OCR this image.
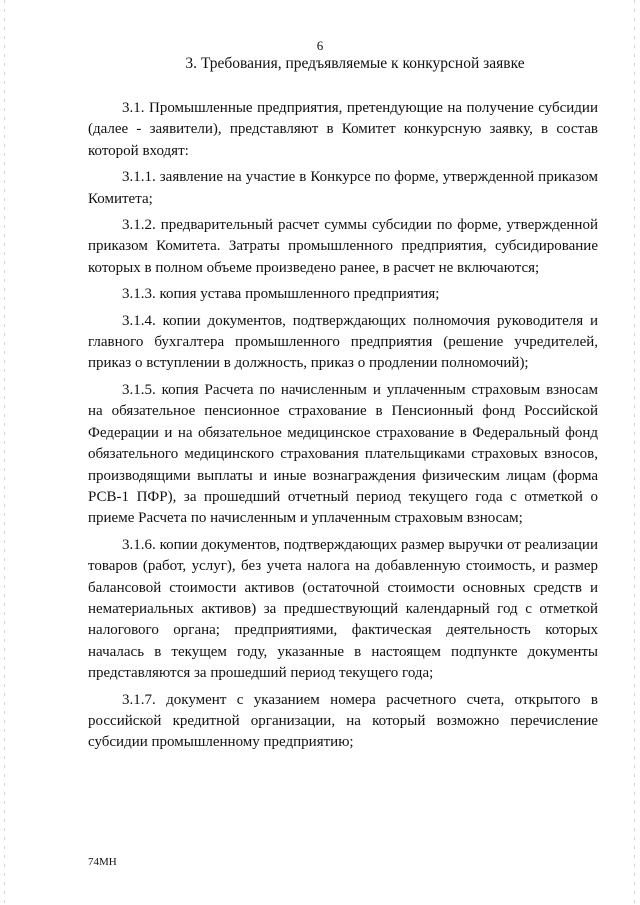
6
3. Требования, предъявляемые к конкурсной заявке

3.1. Промышленные предприятия, претендующие на получение субсидии (далее - заявители), представляют в Комитет конкурсную заявку, в состав которой входят:

3.1.1. заявление на участие в Конкурсе по форме, утвержденной приказом Комитета;

3.1.2. предварительный расчет суммы субсидии по форме, утвержденной приказом Комитета. Затраты промышленного предприятия, субсидирование которых в полном объеме произведено ранее, в расчет не включаются;

3.1.3. копия устава промышленного предприятия;

3.1.4. копии документов, подтверждающих полномочия руководителя и главного бухгалтера промышленного предприятия (решение учредителей, приказ о вступлении в должность, приказ о продлении полномочий);

3.1.5. копия Расчета по начисленным и уплаченным страховым взносам на обязательное пенсионное страхование в Пенсионный фонд Российской Федерации и на обязательное медицинское страхование в Федеральный фонд обязательного медицинского страхования плательщиками страховых взносов, производящими выплаты и иные вознаграждения физическим лицам (форма РСВ-1 ПФР), за прошедший отчетный период текущего года с отметкой о приеме Расчета по начисленным и уплаченным страховым взносам;

3.1.6. копии документов, подтверждающих размер выручки от реализации товаров (работ, услуг), без учета налога на добавленную стоимость, и размер балансовой стоимости активов (остаточной стоимости основных средств и нематериальных активов) за предшествующий календарный год с отметкой налогового органа; предприятиями, фактическая деятельность которых началась в текущем году, указанные в настоящем подпункте документы представляются за прошедший период текущего года;

3.1.7. документ с указанием номера расчетного счета, открытого в российской кредитной организации, на который возможно перечисление субсидии промышленному предприятию;

74МН
